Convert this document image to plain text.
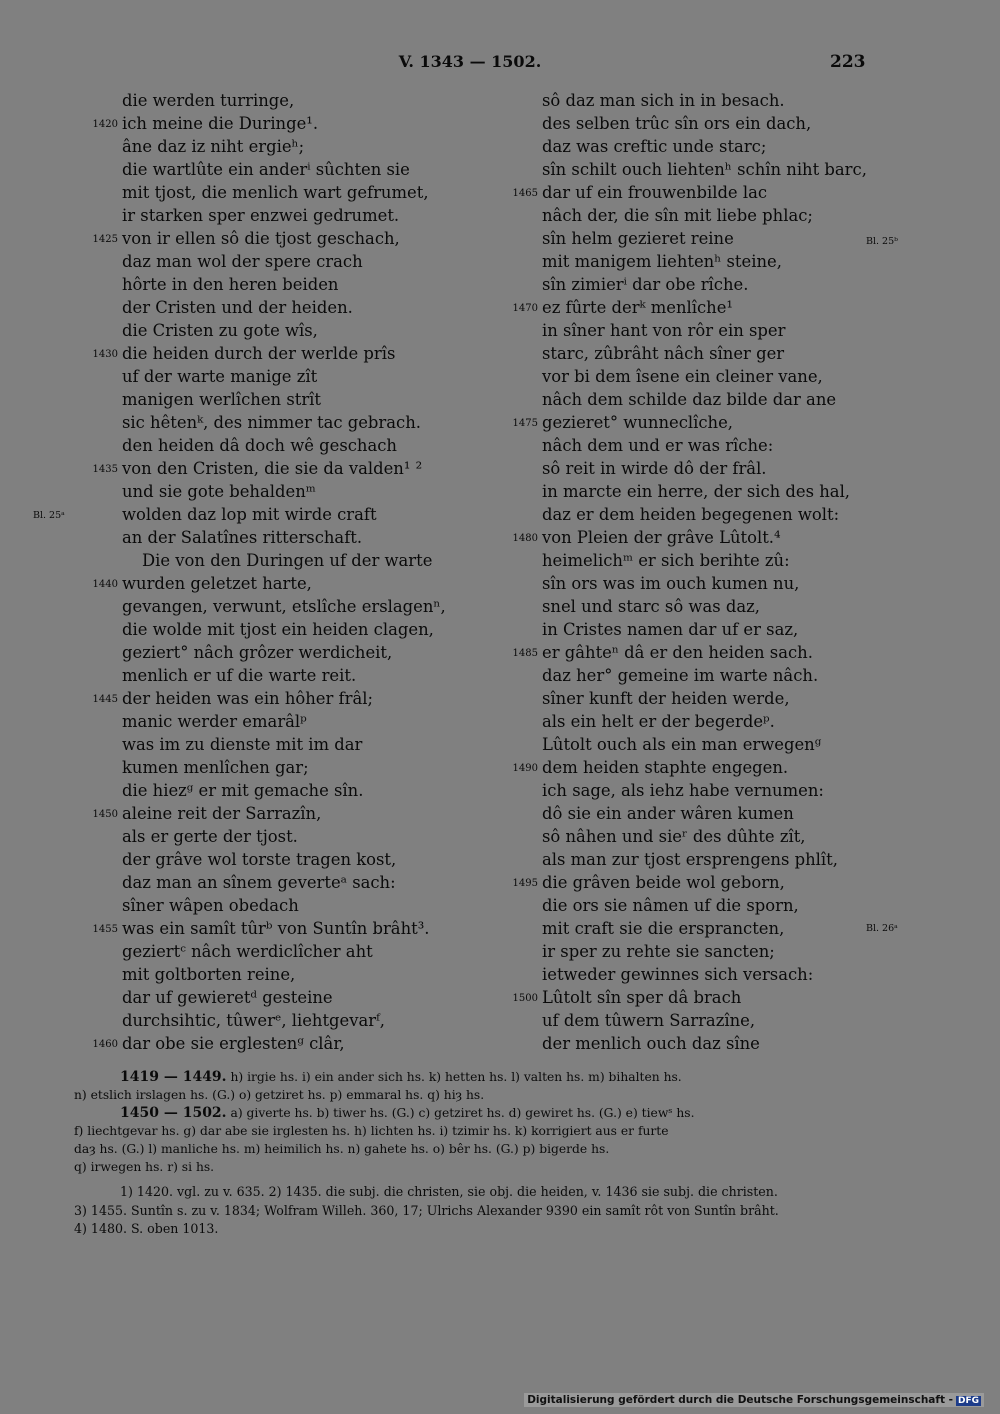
V. 1343 — 1502.	223
die werden turringe,
1420 ich meine die Duringe¹.
âne daz iz niht ergieʰ;
die wartlûte ein anderⁱ sûchten sie
mit tjost, die menlich wart gefrumet,
ir starken sper enzwei gedrumet.
1425 von ir ellen sô die tjost geschach,
daz man wol der spere crach
hôrte in den heren beiden
der Cristen und der heiden.
die Cristen zu gote wîs,
1430 die heiden durch der werlde prîs
uf der warte manige zît
manigen werlîchen strît
sic hêtenᵏ, des nimmer tac gebrach.
den heiden dâ doch wê geschach
1435 von den Cristen, die sie da valden¹ ²
und sie gote behaldenᵐ
wolden daz lop mit wirde craft
an der Salatînes ritterschaft.
Die von den Duringen uf der warte
1440 wurden geletzet harte,
gevangen, verwunt, etslîche erslagenⁿ,
die wolde mit tjost ein heiden clagen,
geziert° nâch grôzer werdicheit,
menlich er uf die warte reit.
1445 der heiden was ein hôher frâl;
manic werder emarâlᵖ
was im zu dienste mit im dar
kumen menlîchen gar;
die hiezᵍ er mit gemache sîn.
1450 aleine reit der Sarrazîn,
als er gerte der tjost.
der grâve wol torste tragen kost,
daz man an sînem geverteᵃ sach:
sîner wâpen obedach
1455 was ein samît tûrᵇ von Suntîn brâht³.
geziertᶜ nâch werdiclîcher aht
mit goltborten reine,
dar uf gewieretᵈ gesteine
durchsihtic, tûwerᵉ, liehtgevarᶠ,
1460 dar obe sie erglestenᵍ clâr,
sô daz man sich in in besach.
des selben trûc sîn ors ein dach,
daz was creftic unde starc;
sîn schilt ouch liehtenʰ schîn niht barc,
1465 dar uf ein frouwenbilde lac
nâch der, die sîn mit liebe phlac;
sîn helm gezieret reine
mit manigem liehtenʰ steine,
sîn zimierⁱ dar obe rîche.
1470 ez fûrte derᵏ menlîche¹
in sîner hant von rôr ein sper
starc, zûbrâht nâch sîner ger
vor bi dem îsene ein cleiner vane,
nâch dem schilde daz bilde dar ane
1475 gezieret° wunneclîche,
nâch dem und er was rîche:
sô reit in wirde dô der frâl.
in marcte ein herre, der sich des hal,
daz er dem heiden begegenen wolt:
1480 von Pleien der grâve Lûtolt.⁴
heimelichᵐ er sich berihte zû:
sîn ors was im ouch kumen nu,
snel und starc sô was daz,
in Cristes namen dar uf er saz,
1485 er gâhteⁿ dâ er den heiden sach.
daz her° gemeine im warte nâch.
sîner kunft der heiden werde,
als ein helt er der begerdeᵖ.
Lûtolt ouch als ein man erwegenᵍ
1490 dem heiden staphte engegen.
ich sage, als iehz habe vernumen:
dô sie ein ander wâren kumen
sô nâhen und sieʳ des dûhte zît,
als man zur tjost ersprengens phlît,
1495 die grâven beide wol geborn,
die ors sie nâmen uf die sporn,
mit craft sie die ersprancten,
ir sper zu rehte sie sancten;
ietweder gewinnes sich versach:
1500 Lûtolt sîn sper dâ brach
uf dem tûwern Sarrazîne,
der menlich ouch daz sîne
Bl. 25ᵃ
Bl. 25ᵇ
Bl. 26ᵃ

1419 — 1449. h) irgie hs. i) ein ander sich hs. k) hetten hs. l) valten hs. m) bihalten hs.

n) etslich irslagen hs. (G.) o) getziret hs. p) emmaral hs. q) hiȝ hs.

1450 — 1502. a) giverte hs. b) tiwer hs. (G.) c) getziret hs. d) gewiret hs. (G.) e) tiewˢ hs.

f) liechtgevar hs. g) dar abe sie irglesten hs. h) lichten hs. i) tzimir hs. k) korrigiert aus er furte

daȝ hs. (G.) l) manliche hs. m) heimilich hs. n) gahete hs. o) bêr hs. (G.) p) bigerde hs.

q) irwegen hs. r) si hs.

1) 1420. vgl. zu v. 635. 2) 1435. die subj. die christen, sie obj. die heiden, v. 1436 sie subj. die christen.

3) 1455. Suntîn s. zu v. 1834; Wolfram Willeh. 360, 17; Ulrichs Alexander 9390 ein samît rôt von Suntîn brâht.

4) 1480. S. oben 1013.

Digitalisierung gefördert durch die Deutsche Forschungsgemeinschaft - DFG
